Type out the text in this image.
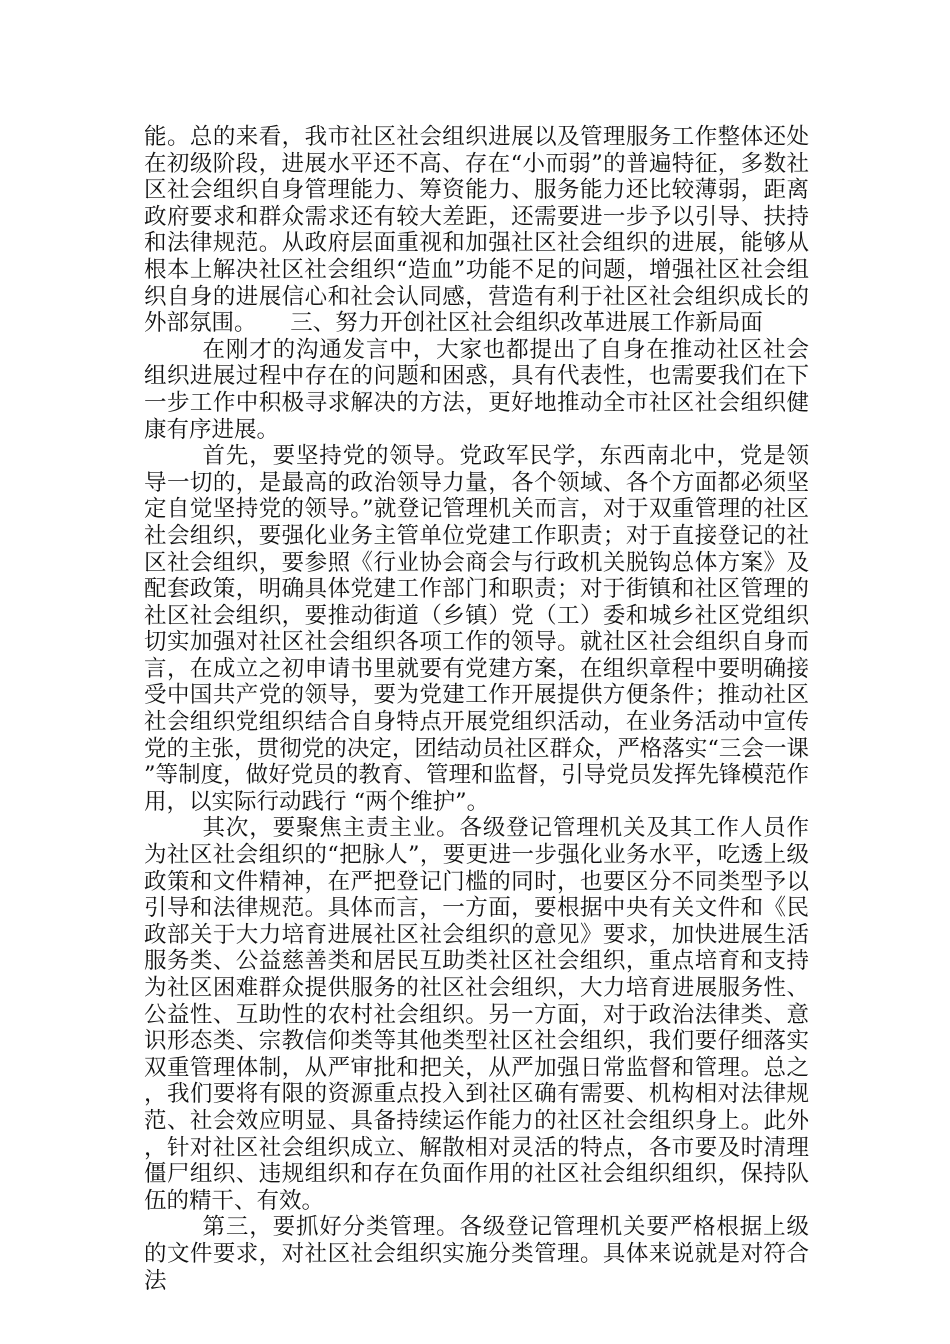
能。总的来看，我市社区社会组织进展以及管理服务工作整体还处在初级阶段，进展水平还不高、存在“小而弱”的普遍特征，多数社区社会组织自身管理能力、筹资能力、服务能力还比较薄弱，距离政府要求和群众需求还有较大差距，还需要进一步予以引导、扶持和法律规范。从政府层面重视和加强社区社会组织的进展，能够从根本上解决社区社会组织“造血”功能不足的问题，增强社区社会组织自身的进展信心和社会认同感，营造有利于社区社会组织成长的外部氛围。　　三、努力开创社区社会组织改革进展工作新局面

在刚才的沟通发言中，大家也都提出了自身在推动社区社会组织进展过程中存在的问题和困惑，具有代表性，也需要我们在下一步工作中积极寻求解决的方法，更好地推动全市社区社会组织健康有序进展。

首先，要坚持党的领导。党政军民学，东西南北中，党是领导一切的，是最高的政治领导力量，各个领域、各个方面都必须坚定自觉坚持党的领导。”就登记管理机关而言，对于双重管理的社区社会组织，要强化业务主管单位党建工作职责；对于直接登记的社区社会组织，要参照《行业协会商会与行政机关脱钩总体方案》及配套政策，明确具体党建工作部门和职责；对于街镇和社区管理的社区社会组织，要推动街道（乡镇）党（工）委和城乡社区党组织切实加强对社区社会组织各项工作的领导。就社区社会组织自身而言，在成立之初申请书里就要有党建方案，在组织章程中要明确接受中国共产党的领导，要为党建工作开展提供方便条件；推动社区社会组织党组织结合自身特点开展党组织活动，在业务活动中宣传党的主张，贯彻党的决定，团结动员社区群众，严格落实“三会一课”等制度，做好党员的教育、管理和监督，引导党员发挥先锋模范作用，以实际行动践行 “两个维护”。

其次，要聚焦主责主业。各级登记管理机关及其工作人员作为社区社会组织的“把脉人”，要更进一步强化业务水平，吃透上级政策和文件精神，在严把登记门槛的同时，也要区分不同类型予以引导和法律规范。具体而言，一方面，要根据中央有关文件和《民政部关于大力培育进展社区社会组织的意见》要求，加快进展生活服务类、公益慈善类和居民互助类社区社会组织，重点培育和支持为社区困难群众提供服务的社区社会组织，大力培育进展服务性、公益性、互助性的农村社会组织。另一方面，对于政治法律类、意识形态类、宗教信仰类等其他类型社区社会组织，我们要仔细落实双重管理体制，从严审批和把关，从严加强日常监督和管理。总之，我们要将有限的资源重点投入到社区确有需要、机构相对法律规范、社会效应明显、具备持续运作能力的社区社会组织身上。此外，针对社区社会组织成立、解散相对灵活的特点，各市要及时清理僵尸组织、违规组织和存在负面作用的社区社会组织组织，保持队伍的精干、有效。

第三，要抓好分类管理。各级登记管理机关要严格根据上级的文件要求，对社区社会组织实施分类管理。具体来说就是对符合法
